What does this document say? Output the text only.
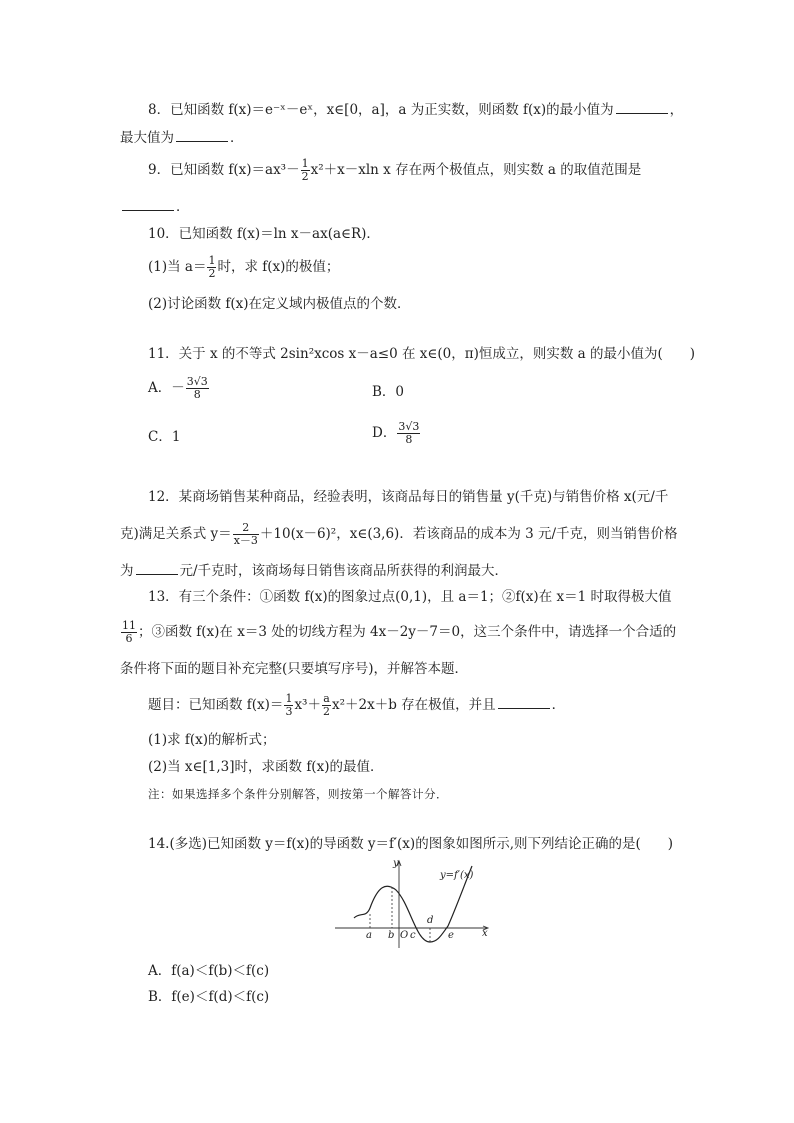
8．已知函数 f(x)＝e⁻ˣ－eˣ，x∈[0，a]，a 为正实数，则函数 f(x)的最小值为	，
最大值为	．
9．已知函数 $f(x)=ax^3- \frac{1}{2} x^2+x-xln$ x 存在两个极值点，则实数 a 的取值范围是
．
10．已知函数 f(x)＝ln x－ax(a∈R)．
(1)当 $a= \frac{1}{2}$ 时，求 f(x)的极值；
(2)讨论函数 f(x)在定义域内极值点的个数．
11．关于 x 的不等式 2sin²xcos x－a≤0 在 x∈(0，π)恒成立，则实数 a 的最小值为(　　)
A．－ $\frac{3√3}{8}$	B．0
C．1	D． $\frac{3√3}{8}$
12．某商场销售某种商品，经验表明，该商品每日的销售量 y(千克)与销售价格 x(元/千
克)满足关系式 $y= \frac{2}{x-3} +10(x-6)^2$，x∈(3,6)．若该商品的成本为 3 元/千克，则当销售价格
为	元/千克时，该商场每日销售该商品所获得的利润最大．
13．有三个条件：①函数 f(x)的图象过点(0,1)，且 a＝1；②f(x)在 x＝1 时取得极大值
$\frac{11}{6}$ ；③函数 f(x)在 x＝3 处的切线方程为 4x－2y－7＝0，这三个条件中，请选择一个合适的
条件将下面的题目补充完整(只要填写序号)，并解答本题．
题目：已知函数 $f(x)= \frac{1}{3} x^3+ \frac{a}{2} x^2+2x+b$ 存在极值，并且	．
(1)求 f(x)的解析式；
(2)当 x∈[1,3]时，求函数 f(x)的最值．
注：如果选择多个条件分别解答，则按第一个解答计分．
14.(多选)已知函数 y＝f(x)的导函数 y＝f′(x)的图象如图所示,则下列结论正确的是(　　)
a b O c
d
e
y
x
y=f′(x)
A．f(a)＜f(b)＜f(c)
B．f(e)＜f(d)＜f(c)
